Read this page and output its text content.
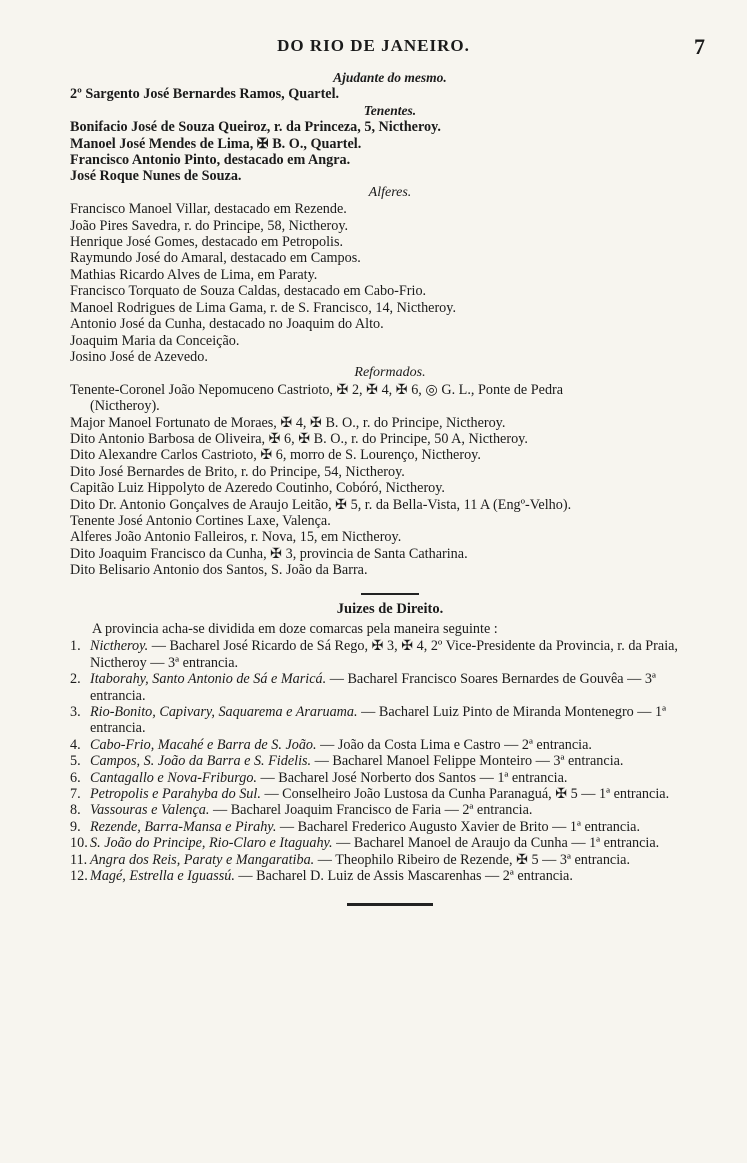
DO RIO DE JANEIRO.	7
Ajudante do mesmo.
2º Sargento José Bernardes Ramos, Quartel.
Tenentes.
Bonifacio José de Souza Queiroz, r. da Princeza, 5, Nictheroy.
Manoel José Mendes de Lima, ✠ B. O., Quartel.
Francisco Antonio Pinto, destacado em Angra.
José Roque Nunes de Souza.
Alferes.
Francisco Manoel Villar, destacado em Rezende.
João Pires Savedra, r. do Principe, 58, Nictheroy.
Henrique José Gomes, destacado em Petropolis.
Raymundo José do Amaral, destacado em Campos.
Mathias Ricardo Alves de Lima, em Paraty.
Francisco Torquato de Souza Caldas, destacado em Cabo-Frio.
Manoel Rodrigues de Lima Gama, r. de S. Francisco, 14, Nictheroy.
Antonio José da Cunha, destacado no Joaquim do Alto.
Joaquim Maria da Conceição.
Josino José de Azevedo.
Reformados.
Tenente-Coronel João Nepomuceno Castrioto, ✠ 2, ✠ 4, ✠ 6, ◎ G. L., Ponte de Pedra
(Nictheroy).
Major Manoel Fortunato de Moraes, ✠ 4, ✠ B. O., r. do Principe, Nictheroy.
Dito Antonio Barbosa de Oliveira, ✠ 6, ✠ B. O., r. do Principe, 50 A, Nictheroy.
Dito Alexandre Carlos Castrioto, ✠ 6, morro de S. Lourenço, Nictheroy.
Dito José Bernardes de Brito, r. do Principe, 54, Nictheroy.
Capitão Luiz Hippolyto de Azeredo Coutinho, Cobóró, Nictheroy.
Dito Dr. Antonio Gonçalves de Araujo Leitão, ✠ 5, r. da Bella-Vista, 11 A (Engº-Velho).
Tenente José Antonio Cortines Laxe, Valença.
Alferes João Antonio Falleiros, r. Nova, 15, em Nictheroy.
Dito Joaquim Francisco da Cunha, ✠ 3, provincia de Santa Catharina.
Dito Belisario Antonio dos Santos, S. João da Barra.
Juizes de Direito.
A provincia acha-se dividida em doze comarcas pela maneira seguinte :
1. Nictheroy. — Bacharel José Ricardo de Sá Rego, ✠ 3, ✠ 4, 2º Vice-Presidente da Provincia, r. da Praia, Nictheroy — 3ª entrancia.
2. Itaborahy, Santo Antonio de Sá e Maricá. — Bacharel Francisco Soares Bernardes de Gouvêa — 3ª entrancia.
3. Rio-Bonito, Capivary, Saquarema e Araruama. — Bacharel Luiz Pinto de Miranda Montenegro — 1ª entrancia.
4. Cabo-Frio, Macahé e Barra de S. João. — João da Costa Lima e Castro — 2ª entrancia.
5. Campos, S. João da Barra e S. Fidelis. — Bacharel Manoel Felippe Monteiro — 3ª entrancia.
6. Cantagallo e Nova-Friburgo. — Bacharel José Norberto dos Santos — 1ª entrancia.
7. Petropolis e Parahyba do Sul. — Conselheiro João Lustosa da Cunha Paranaguá, ✠ 5 — 1ª entrancia.
8. Vassouras e Valença. — Bacharel Joaquim Francisco de Faria — 2ª entrancia.
9. Rezende, Barra-Mansa e Pirahy. — Bacharel Frederico Augusto Xavier de Brito — 1ª entrancia.
10. S. João do Principe, Rio-Claro e Itaguahy. — Bacharel Manoel de Araujo da Cunha — 1ª entrancia.
11. Angra dos Reis, Paraty e Mangaratiba. — Theophilo Ribeiro de Rezende, ✠ 5 — 3ª entrancia.
12. Magé, Estrella e Iguassú. — Bacharel D. Luiz de Assis Mascarenhas — 2ª entrancia.
